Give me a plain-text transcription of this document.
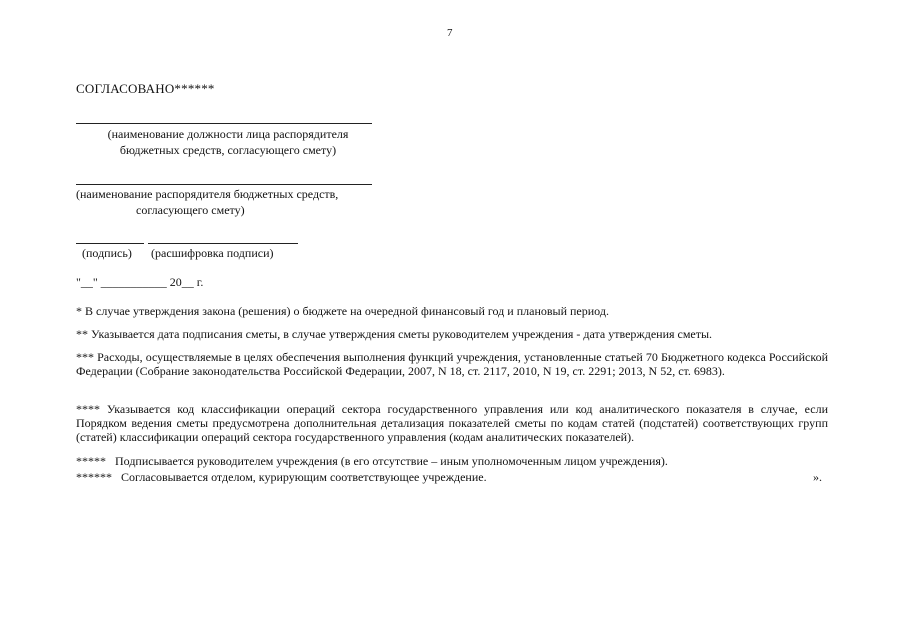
7
СОГЛАСОВАНО******
(наименование должности лица распорядителя
бюджетных средств, согласующего смету)
(наименование распорядителя бюджетных средств,
согласующего смету)
(подпись) (расшифровка подписи)
"__" ___________ 20__ г.
* В случае утверждения закона (решения) о бюджете на очередной финансовый год и плановый период.
** Указывается дата подписания сметы, в случае утверждения сметы руководителем учреждения - дата утверждения сметы.
*** Расходы, осуществляемые в целях обеспечения выполнения функций учреждения, установленные статьей 70 Бюджетного кодекса Российской Федерации (Собрание законодательства Российской Федерации, 2007, N 18, ст. 2117, 2010, N 19, ст. 2291; 2013, N 52, ст. 6983).
**** Указывается код классификации операций сектора государственного управления или код аналитического показателя в случае, если Порядком ведения сметы предусмотрена дополнительная детализация показателей сметы по кодам статей (подстатей) соответствующих групп (статей) классификации операций сектора государственного управления (кодам аналитических показателей).
*****   Подписывается руководителем учреждения (в его отсутствие – иным уполномоченным лицом учреждения).
******   Согласовывается отделом, курирующим соответствующее учреждение.	».
